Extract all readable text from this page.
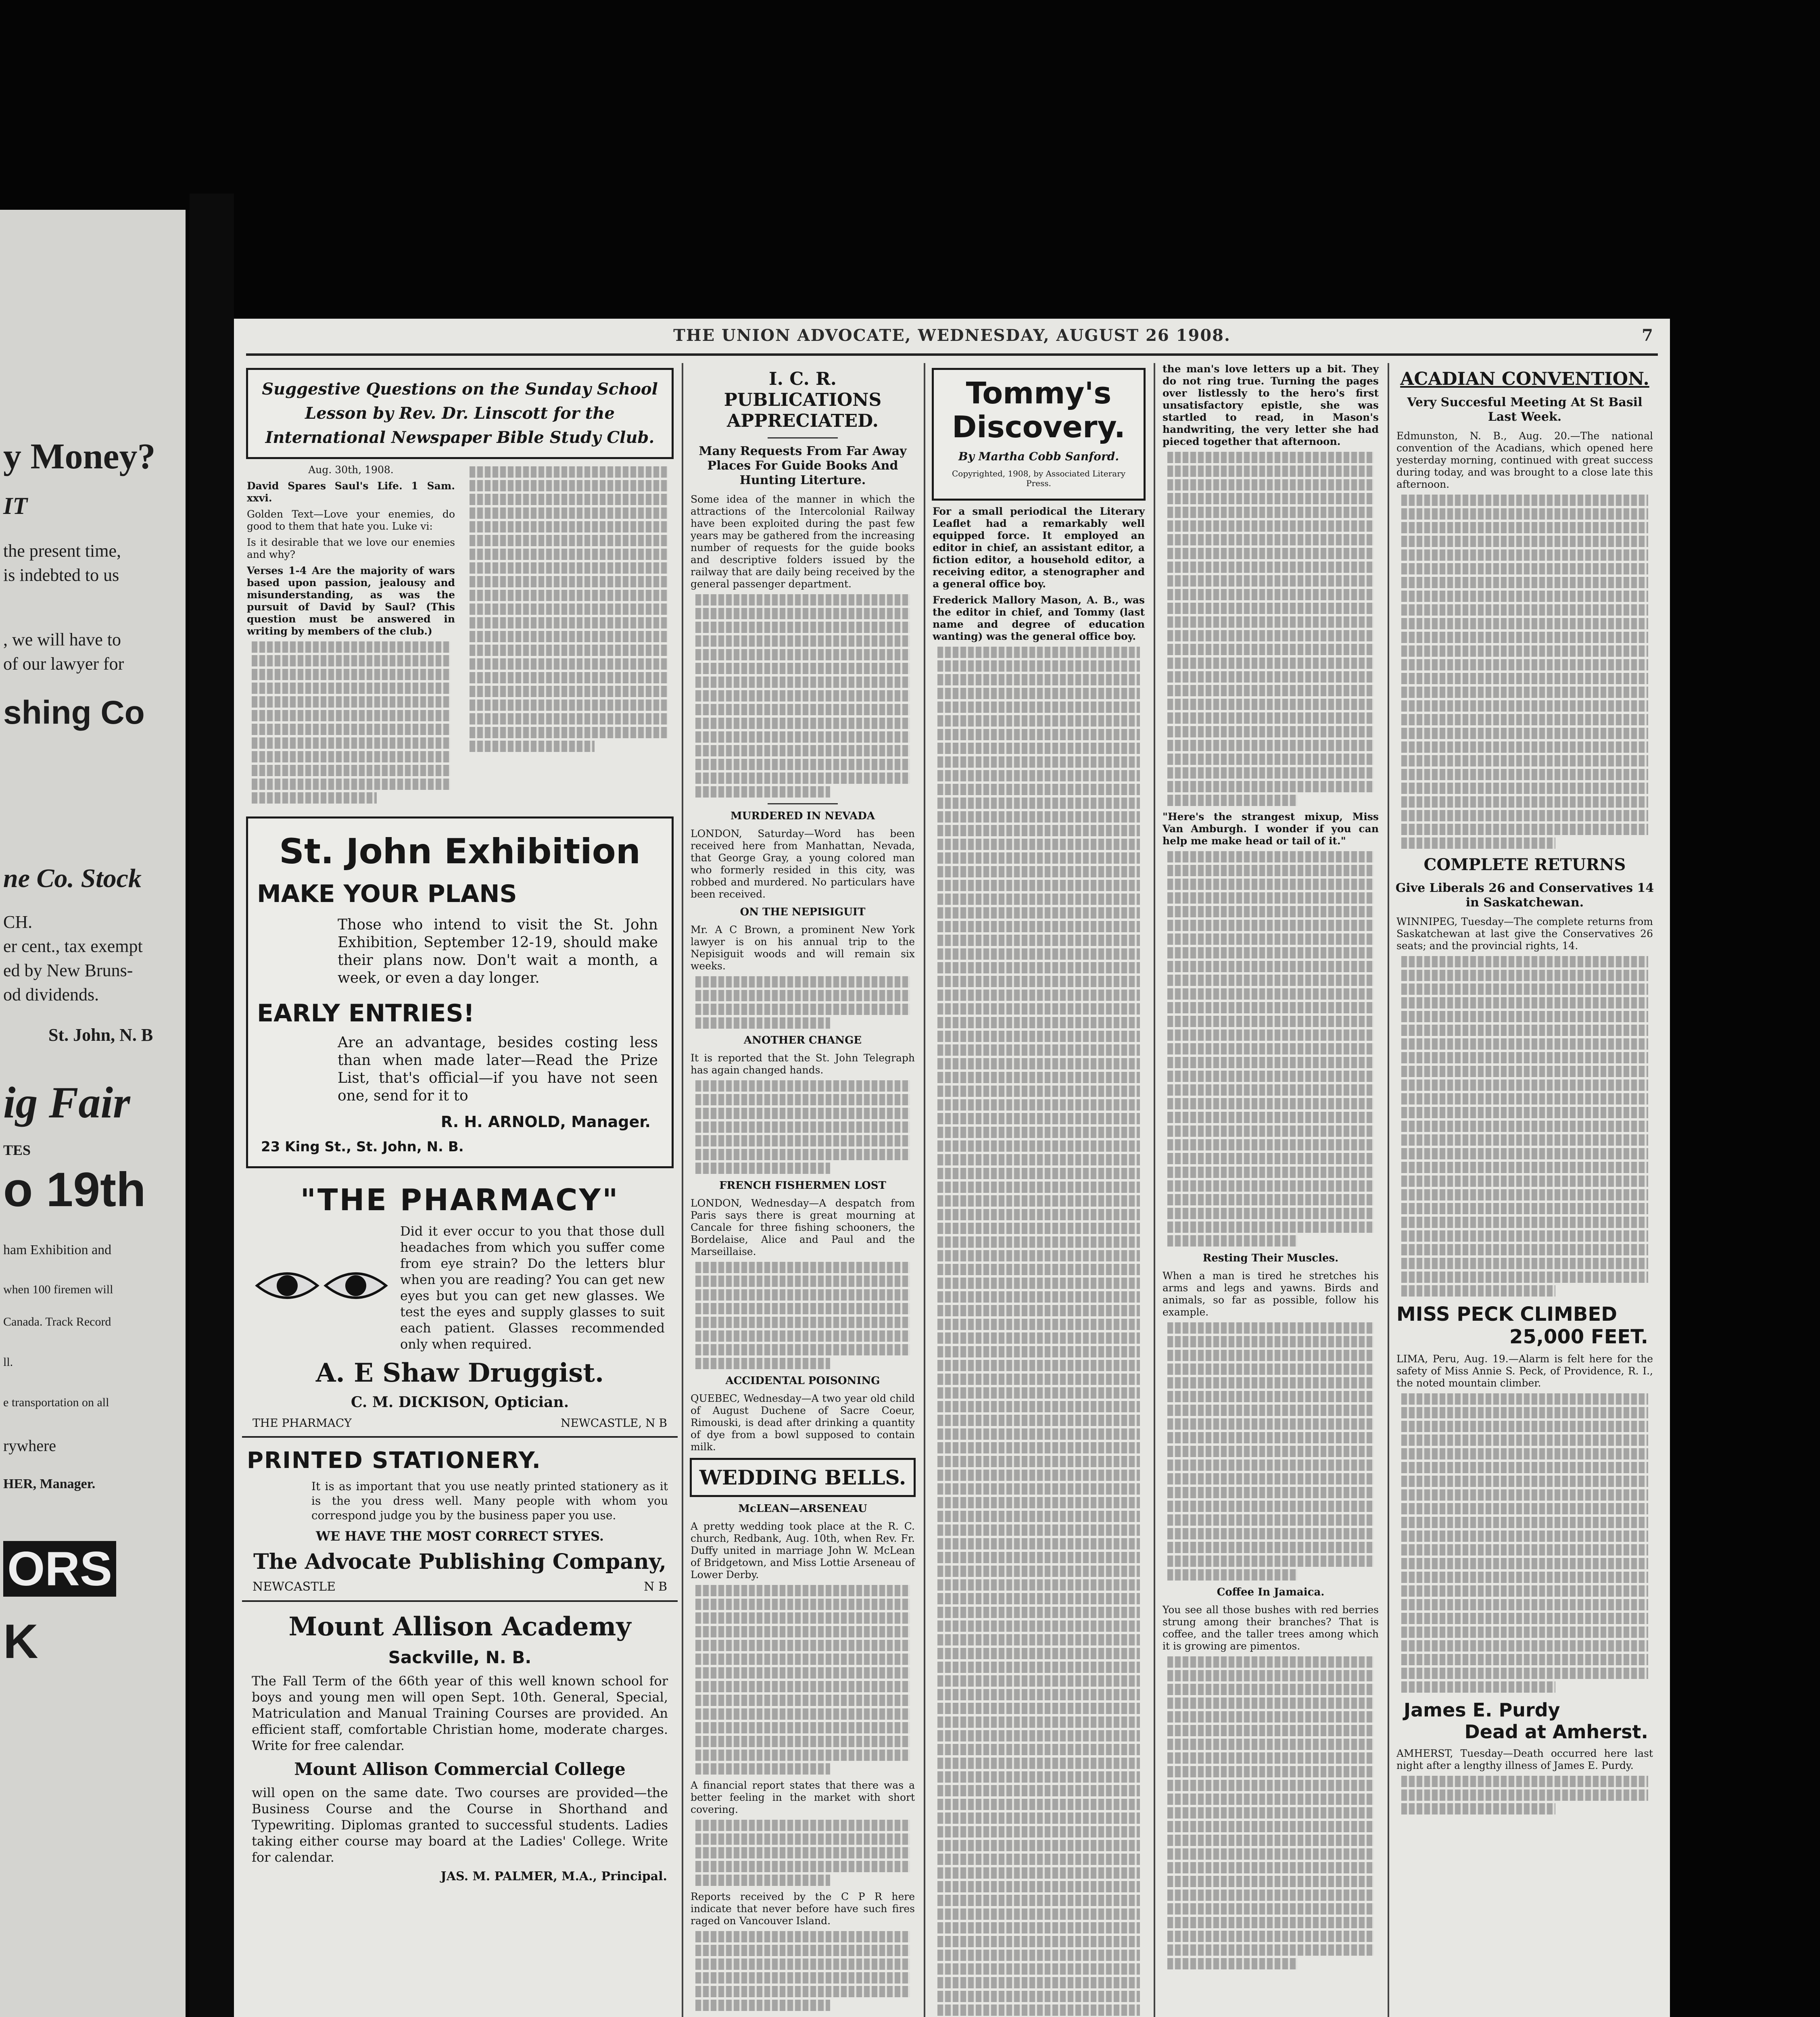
y Money?
IT
the present time,
is indebted to us
, we will have to
of our lawyer for
shing Co
ne Co. Stock
CH.
er cent., tax exempt
ed by New Bruns-
od dividends.
St. John, N. B
ig Fair
TES
o 19th
ham Exhibition and
when 100 firemen will
Canada. Track Record
ll.
e transportation on all
rywhere
HER, Manager.
ORS
K
THE UNION ADVOCATE, WEDNESDAY, AUGUST 26 1908.	7
Suggestive Questions on the Sunday School Lesson by Rev. Dr. Linscott for the International Newspaper Bible Study Club.
Aug. 30th, 1908.
David Spares Saul's Life. 1 Sam. xxvi.
Golden Text—Love your enemies, do good to them that hate you. Luke vi:
Is it desirable that we love our enemies and why?
Verses 1-4 Are the majority of wars based upon passion, jealousy and misunderstanding, as was the pursuit of David by Saul? (This question must be answered in writing by members of the club.)
St. John Exhibition
MAKE YOUR PLANS
Those who intend to visit the St. John Exhibition, September 12-19, should make their plans now. Don't wait a month, a week, or even a day longer.
EARLY ENTRIES!
Are an advantage, besides costing less than when made later—Read the Prize List, that's official—if you have not seen one, send for it to
R. H. ARNOLD, Manager.
23 King St., St. John, N. B.
"THE PHARMACY"
Did it ever occur to you that those dull headaches from which you suffer come from eye strain? Do the letters blur when you are reading? You can get new eyes but you can get new glasses. We test the eyes and supply glasses to suit each patient. Glasses recommended only when required.
A. E Shaw Druggist.
C. M. DICKISON, Optician.
THE PHARMACY	NEWCASTLE, N B
PRINTED STATIONERY.
It is as important that you use neatly printed stationery as it is the you dress well. Many people with whom you correspond judge you by the business paper you use.
WE HAVE THE MOST CORRECT STYES.
The Advocate Publishing Company,
NEWCASTLE	N B
Mount Allison Academy
Sackville, N. B.
The Fall Term of the 66th year of this well known school for boys and young men will open Sept. 10th. General, Special, Matriculation and Manual Training Courses are provided. An efficient staff, comfortable Christian home, moderate charges. Write for free calendar.
Mount Allison Commercial College
will open on the same date. Two courses are provided—the Business Course and the Course in Shorthand and Typewriting. Diplomas granted to successful students. Ladies taking either course may board at the Ladies' College. Write for calendar.
JAS. M. PALMER, M.A., Principal.
I. C. R. PUBLICATIONS APPRECIATED.
Many Requests From Far Away Places For Guide Books And Hunting Literture.
Some idea of the manner in which the attractions of the Intercolonial Railway have been exploited during the past few years may be gathered from the increasing number of requests for the guide books and descriptive folders issued by the railway that are daily being received by the general passenger department.
MURDERED IN NEVADA
LONDON, Saturday—Word has been received here from Manhattan, Nevada, that George Gray, a young colored man who formerly resided in this city, was robbed and murdered. No particulars have been received.
ON THE NEPISIGUIT
Mr. A C Brown, a prominent New York lawyer is on his annual trip to the Nepisiguit woods and will remain six weeks.
ANOTHER CHANGE
It is reported that the St. John Telegraph has again changed hands.
FRENCH FISHERMEN LOST
LONDON, Wednesday—A despatch from Paris says there is great mourning at Cancale for three fishing schooners, the Bordelaise, Alice and Paul and the Marseillaise.
ACCIDENTAL POISONING
QUEBEC, Wednesday—A two year old child of August Duchene of Sacre Coeur, Rimouski, is dead after drinking a quantity of dye from a bowl supposed to contain milk.
WEDDING BELLS.
McLEAN—ARSENEAU
A pretty wedding took place at the R. C. church, Redbank, Aug. 10th, when Rev. Fr. Duffy united in marriage John W. McLean of Bridgetown, and Miss Lottie Arseneau of Lower Derby.
A financial report states that there was a better feeling in the market with short covering.
Reports received by the C P R here indicate that never before have such fires raged on Vancouver Island.
Tommy's Discovery.
By Martha Cobb Sanford.
Copyrighted, 1908, by Associated Literary Press.
For a small periodical the Literary Leaflet had a remarkably well equipped force. It employed an editor in chief, an assistant editor, a fiction editor, a household editor, a receiving editor, a stenographer and a general office boy.
Frederick Mallory Mason, A. B., was the editor in chief, and Tommy (last name and degree of education wanting) was the general office boy.
the man's love letters up a bit. They do not ring true. Turning the pages over listlessly to the hero's first unsatisfactory epistle, she was startled to read, in Mason's handwriting, the very letter she had pieced together that afternoon.
"Here's the strangest mixup, Miss Van Amburgh. I wonder if you can help me make head or tail of it."
Resting Their Muscles.
When a man is tired he stretches his arms and legs and yawns. Birds and animals, so far as possible, follow his example.
Coffee In Jamaica.
You see all those bushes with red berries strung among their branches? That is coffee, and the taller trees among which it is growing are pimentos.
ACADIAN CONVENTION.
Very Succesful Meeting At St Basil Last Week.
Edmunston, N. B., Aug. 20.—The national convention of the Acadians, which opened here yesterday morning, continued with great success during today, and was brought to a close late this afternoon.
COMPLETE RETURNS
Give Liberals 26 and Conservatives 14 in Saskatchewan.
WINNIPEG, Tuesday—The complete returns from Saskatchewan at last give the Conservatives 26 seats; and the provincial rights, 14.
MISS PECK CLIMBED
25,000 FEET.
LIMA, Peru, Aug. 19.—Alarm is felt here for the safety of Miss Annie S. Peck, of Providence, R. I., the noted mountain climber.
James E. Purdy
Dead at Amherst.
AMHERST, Tuesday—Death occurred here last night after a lengthy illness of James E. Purdy.
